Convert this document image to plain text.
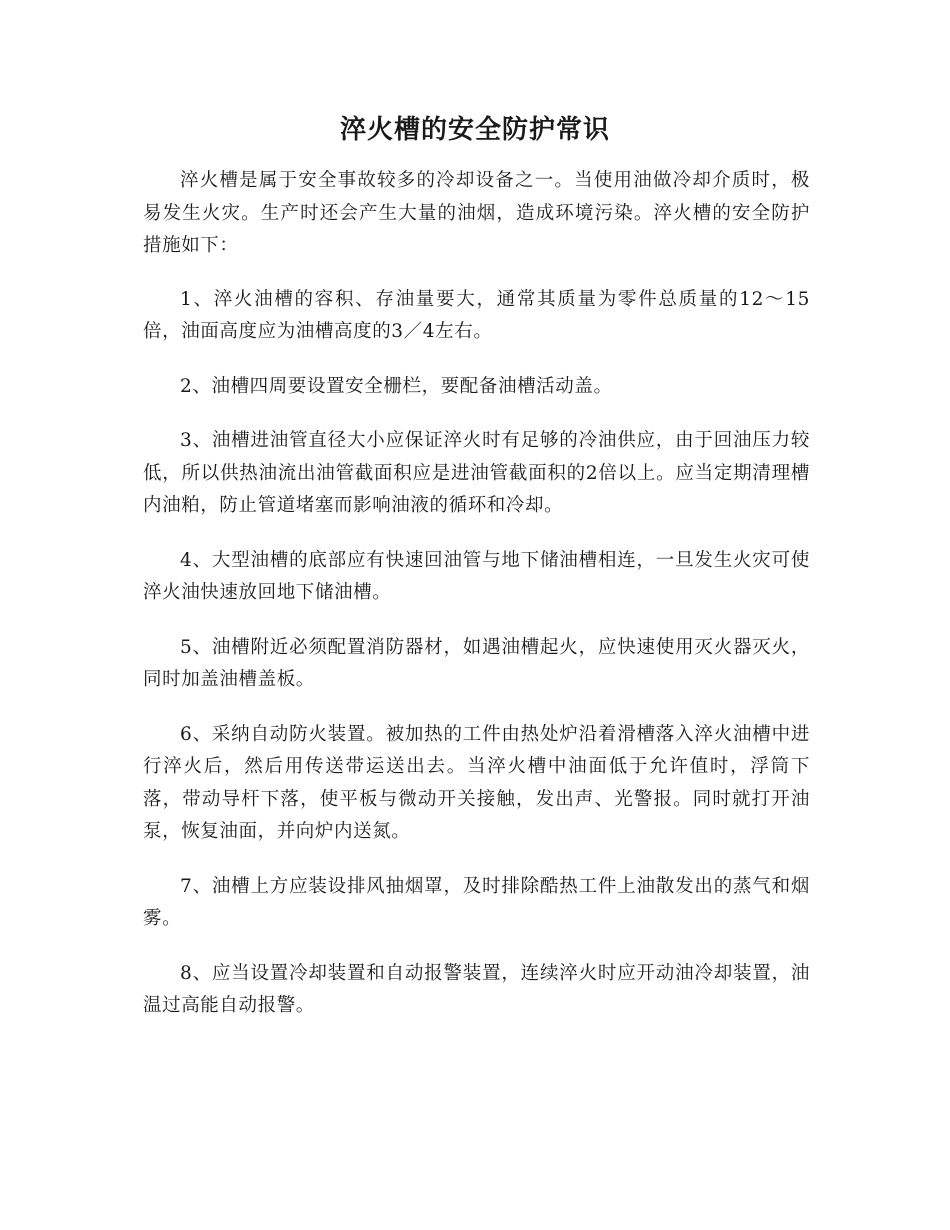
淬火槽的安全防护常识

淬火槽是属于安全事故较多的冷却设备之一。当使用油做冷却介质时，极易发生火灾。生产时还会产生大量的油烟，造成环境污染。淬火槽的安全防护措施如下：

1、淬火油槽的容积、存油量要大，通常其质量为零件总质量的12～15倍，油面高度应为油槽高度的3／4左右。

2、油槽四周要设置安全栅栏，要配备油槽活动盖。

3、油槽进油管直径大小应保证淬火时有足够的冷油供应，由于回油压力较低，所以供热油流出油管截面积应是进油管截面积的2倍以上。应当定期清理槽内油粕，防止管道堵塞而影响油液的循环和冷却。

4、大型油槽的底部应有快速回油管与地下储油槽相连，一旦发生火灾可使淬火油快速放回地下储油槽。

5、油槽附近必须配置消防器材，如遇油槽起火，应快速使用灭火器灭火，同时加盖油槽盖板。

6、采纳自动防火装置。被加热的工件由热处炉沿着滑槽落入淬火油槽中进行淬火后，然后用传送带运送出去。当淬火槽中油面低于允许值时，浮筒下落，带动导杆下落，使平板与微动开关接触，发出声、光警报。同时就打开油泵，恢复油面，并向炉内送氮。

7、油槽上方应装设排风抽烟罩，及时排除酷热工件上油散发出的蒸气和烟雾。

8、应当设置冷却装置和自动报警装置，连续淬火时应开动油冷却装置，油温过高能自动报警。
